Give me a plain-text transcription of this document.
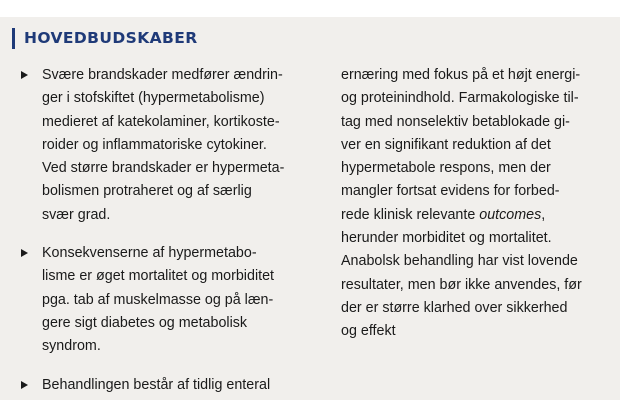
HOVEDBUDSKABER
Svære brandskader medfører ændrin-
ger i stofskiftet (hypermetabolisme)
medieret af katekolaminer, kortikoste-
roider og inflammatoriske cytokiner.
Ved større brandskader er hypermeta-
bolismen protraheret og af særlig
svær grad.
Konsekvenserne af hypermetabo-
lisme er øget mortalitet og morbiditet
pga. tab af muskelmasse og på læn-
gere sigt diabetes og metabolisk
syndrom.
Behandlingen består af tidlig enteral
ernæring med fokus på et højt energi-
og proteinindhold. Farmakologiske til-
tag med nonselektiv betablokade gi-
ver en signifikant reduktion af det
hypermetabole respons, men der
mangler fortsat evidens for forbed-
rede klinisk relevante outcomes,
herunder morbiditet og mortalitet.
Anabolsk behandling har vist lovende
resultater, men bør ikke anvendes, før
der er større klarhed over sikkerhed
og effekt
